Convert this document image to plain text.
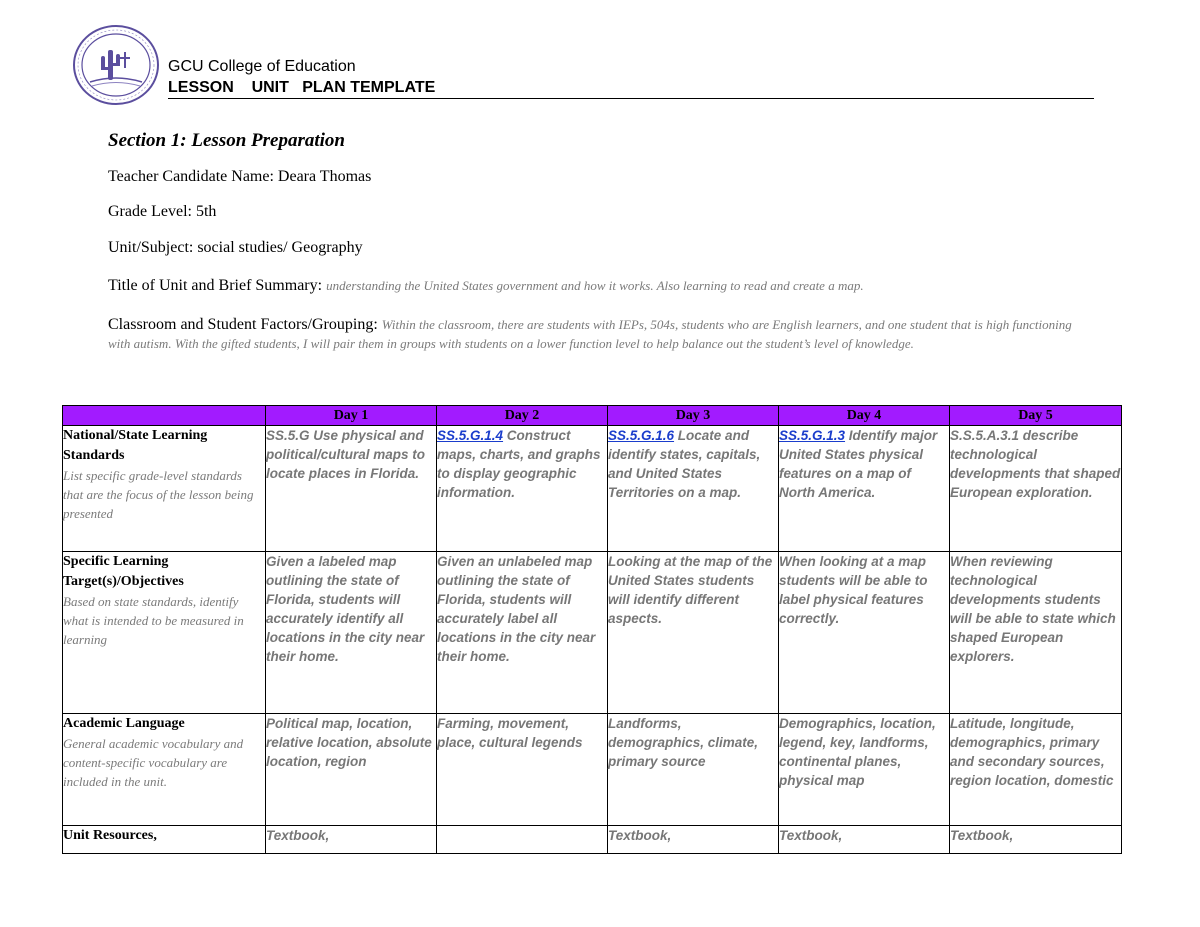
GCU College of Education
LESSON    UNIT   PLAN TEMPLATE
Section 1: Lesson Preparation
Teacher Candidate Name: Deara Thomas
Grade Level: 5th
Unit/Subject: social studies/ Geography
Title of Unit and Brief Summary: understanding the United States government and how it works. Also learning to read and create a map.
Classroom and Student Factors/Grouping: Within the classroom, there are students with IEPs, 504s, students who are English learners, and one student that is high functioning with autism. With the gifted students, I will pair them in groups with students on a lower function level to help balance out the student’s level of knowledge.
	Day 1	Day 2	Day 3	Day 4	Day 5

National/State Learning Standards
List specific grade-level standards that are the focus of the lesson being presented	SS.5.G Use physical and political/cultural maps to locate places in Florida.	SS.5.G.1.4 Construct maps, charts, and graphs to display geographic information.	SS.5.G.1.6 Locate and identify states, capitals, and United States Territories on a map.	SS.5.G.1.3 Identify major United States physical features on a map of North America.	S.S.5.A.3.1 describe technological developments that shaped European exploration.

Specific Learning Target(s)/Objectives
Based on state standards, identify what is intended to be measured in learning	Given a labeled map outlining the state of Florida, students will accurately identify all locations in the city near their home.	Given an unlabeled map outlining the state of Florida, students will accurately label all locations in the city near their home.	Looking at the map of the United States students will identify different aspects.	When looking at a map students will be able to label physical features correctly.	When reviewing technological developments students will be able to state which shaped European explorers.

Academic Language
General academic vocabulary and content-specific vocabulary are included in the unit.	Political map, location, relative location, absolute location, region	Farming, movement, place, cultural legends	Landforms, demographics, climate, primary source	Demographics, location, legend, key, landforms, continental planes, physical map	Latitude, longitude, demographics, primary and secondary sources, region location, domestic

Unit Resources,	Textbook,		Textbook,	Textbook,	Textbook,
